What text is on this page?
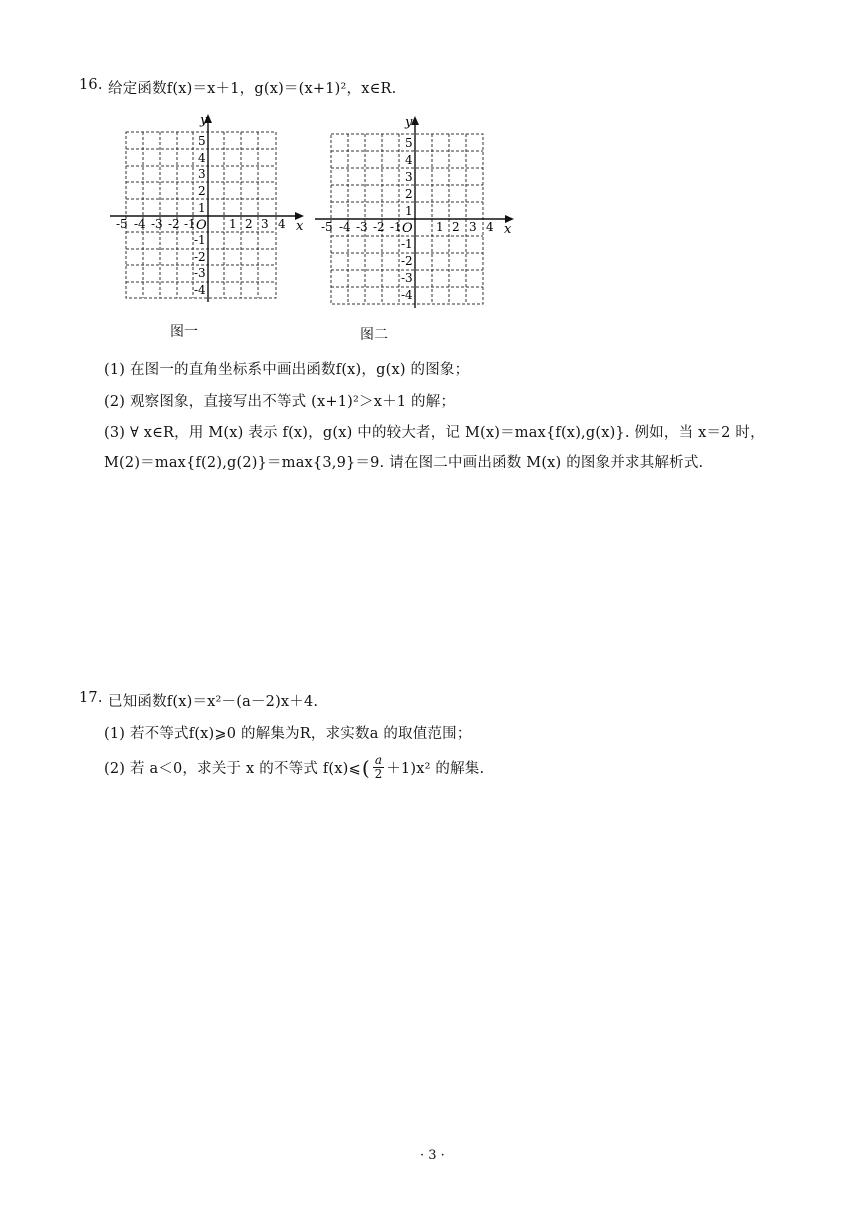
16. 给定函数f(x)＝x＋1，g(x)＝(x+1)²，x∈R.
y
x
O
-5 -4 -3 -2 -1	1 2 3 4
5
4
3
2
1
-1
-2
-3
-4
图一
y
x
O
-5 -4 -3 -2 -1	1 2 3 4
5
4
3
2
1
-1
-2
-3
-4
图二
(1) 在图一的直角坐标系中画出函数f(x)，g(x) 的图象；
(2) 观察图象，直接写出不等式 (x+1)²＞x＋1 的解；
(3) ∀ x∈R，用 M(x) 表示 f(x)，g(x) 中的较大者，记 M(x)＝max{f(x),g(x)}. 例如，当 x＝2 时，
M(2)＝max{f(2),g(2)}＝max{3,9}＝9. 请在图二中画出函数 M(x) 的图象并求其解析式.
17. 已知函数f(x)＝x²－(a－2)x＋4.
(1) 若不等式f(x)⩾0 的解集为R，求实数a 的取值范围；
(2) 若 a＜0，求关于 x 的不等式 f(x)⩽ ( $\frac{a}{2} +1)x^2$ 的解集.
· 3 ·
